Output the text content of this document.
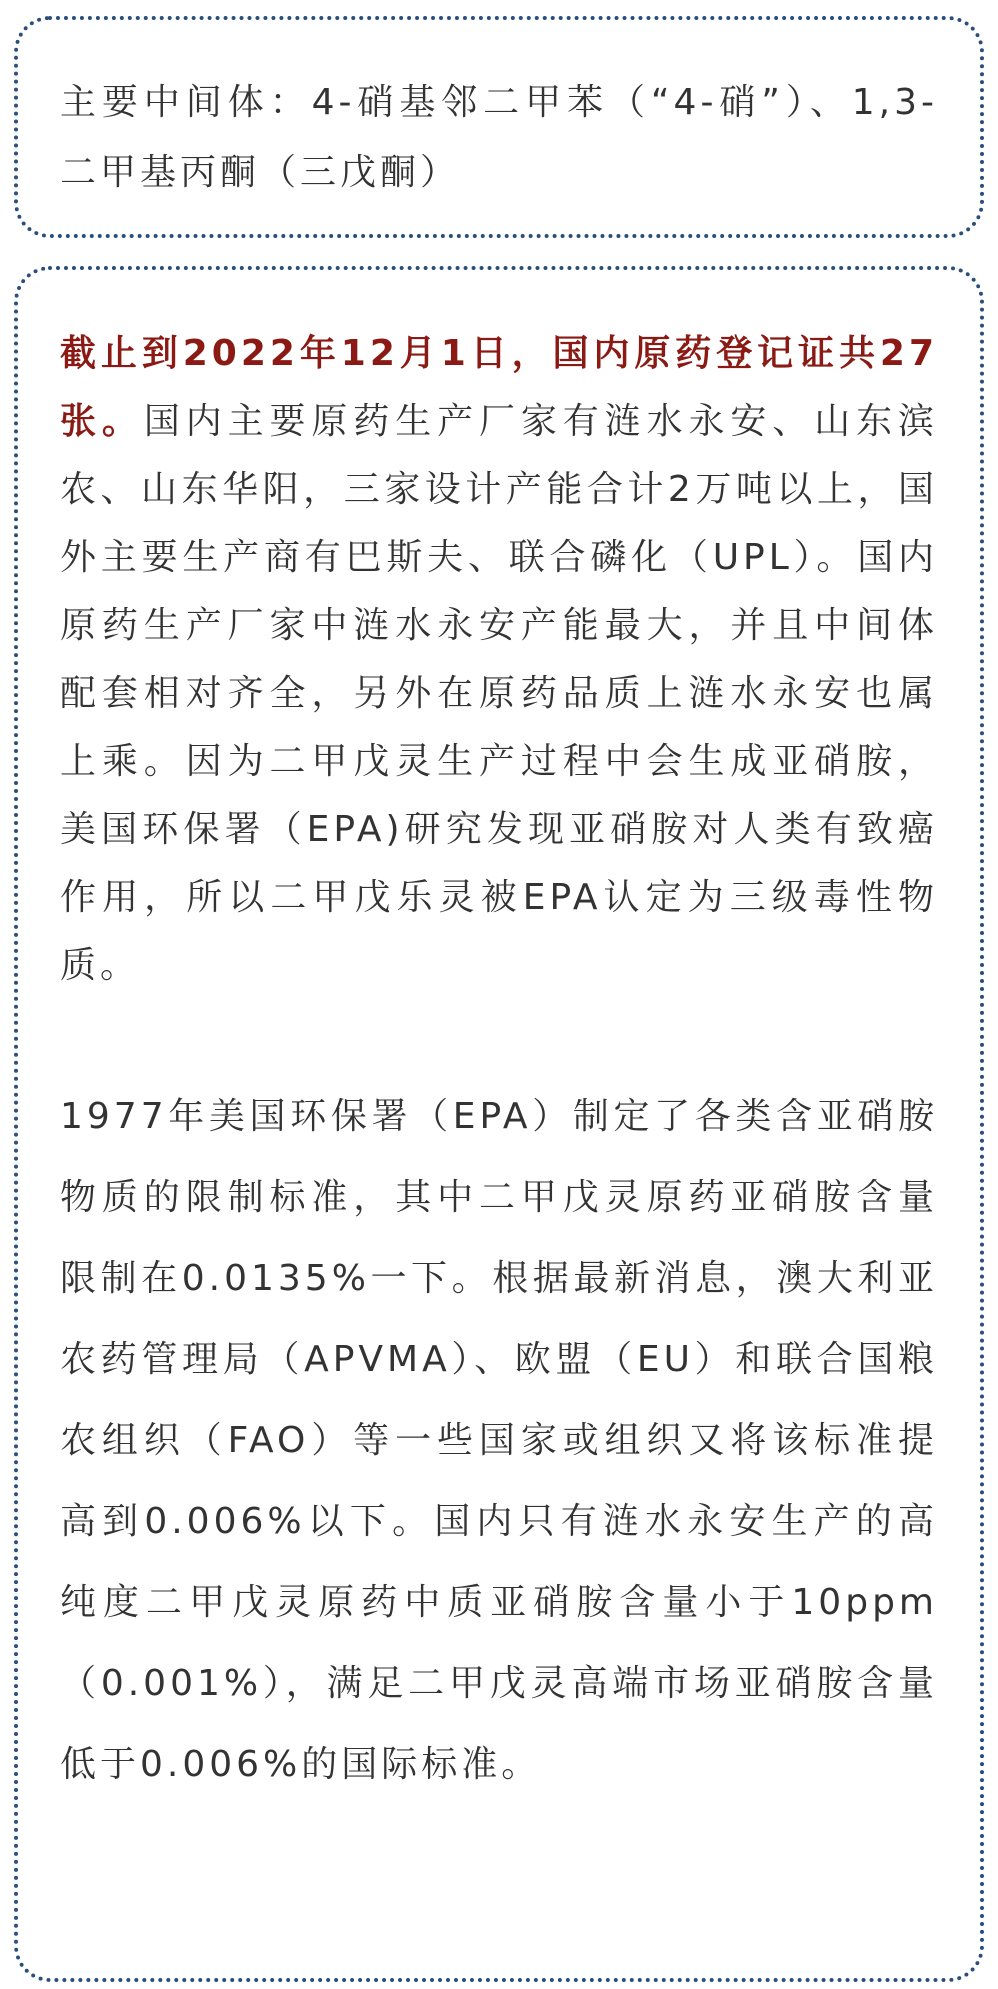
主要中间体：4-硝基邻二甲苯（“4-硝”）、1,3-二甲基丙酮（三戊酮）

截止到2022年12月1日，国内原药登记证共27张。国内主要原药生产厂家有涟水永安、山东滨农、山东华阳，三家设计产能合计2万吨以上，国外主要生产商有巴斯夫、联合磷化（UPL）。国内原药生产厂家中涟水永安产能最大，并且中间体配套相对齐全，另外在原药品质上涟水永安也属上乘。因为二甲戊灵生产过程中会生成亚硝胺，美国环保署（EPA)研究发现亚硝胺对人类有致癌作用，所以二甲戊乐灵被EPA认定为三级毒性物质。

1977年美国环保署（EPA）制定了各类含亚硝胺物质的限制标准，其中二甲戊灵原药亚硝胺含量限制在0.0135%一下。根据最新消息，澳大利亚农药管理局（APVMA）、欧盟（EU）和联合国粮农组织（FAO）等一些国家或组织又将该标准提高到0.006%以下。国内只有涟水永安生产的高纯度二甲戊灵原药中质亚硝胺含量小于10ppm（0.001%），满足二甲戊灵高端市场亚硝胺含量低于0.006%的国际标准。
